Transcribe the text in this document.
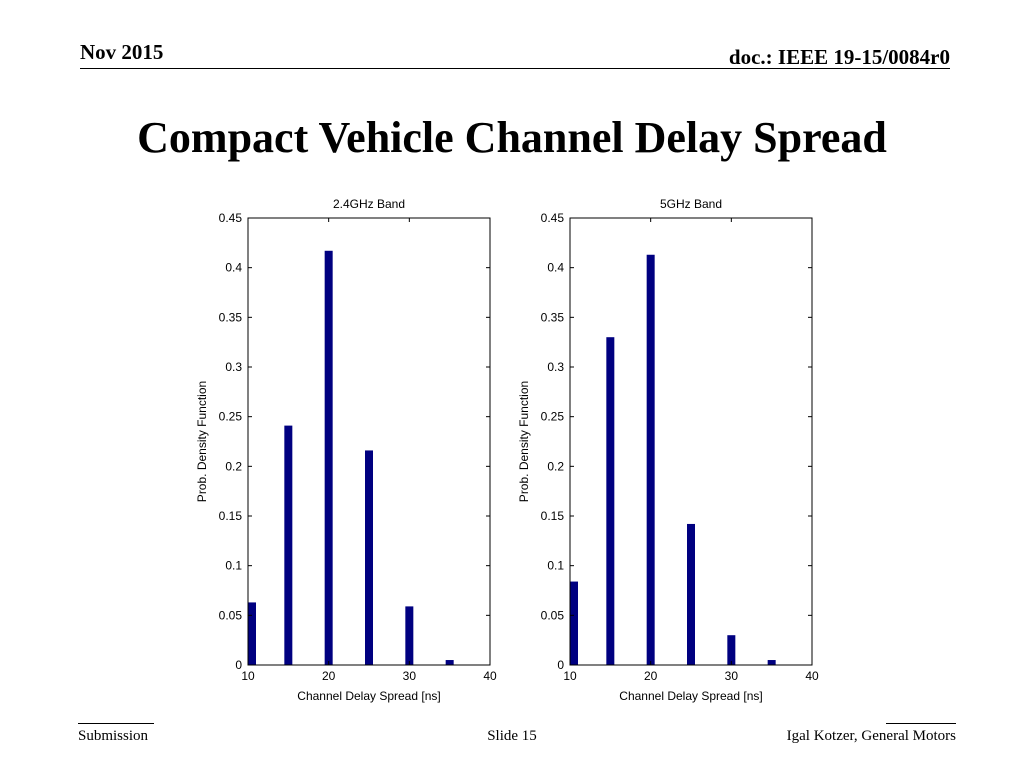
Nov 2015	doc.: IEEE 19-15/0084r0
Compact Vehicle Channel Delay Spread
2.4GHz Band
0
0.05
0.1
0.15
0.2
0.25
0.3
0.35
0.4
0.45
10	20	30	40
Channel Delay Spread [ns]
Prob. Density Function
5GHz Band
0
0.05
0.1
0.15
0.2
0.25
0.3
0.35
0.4
0.45
10	20	30	40
Channel Delay Spread [ns]
Prob. Density Function
Submission	Slide 15	Igal Kotzer, General Motors
